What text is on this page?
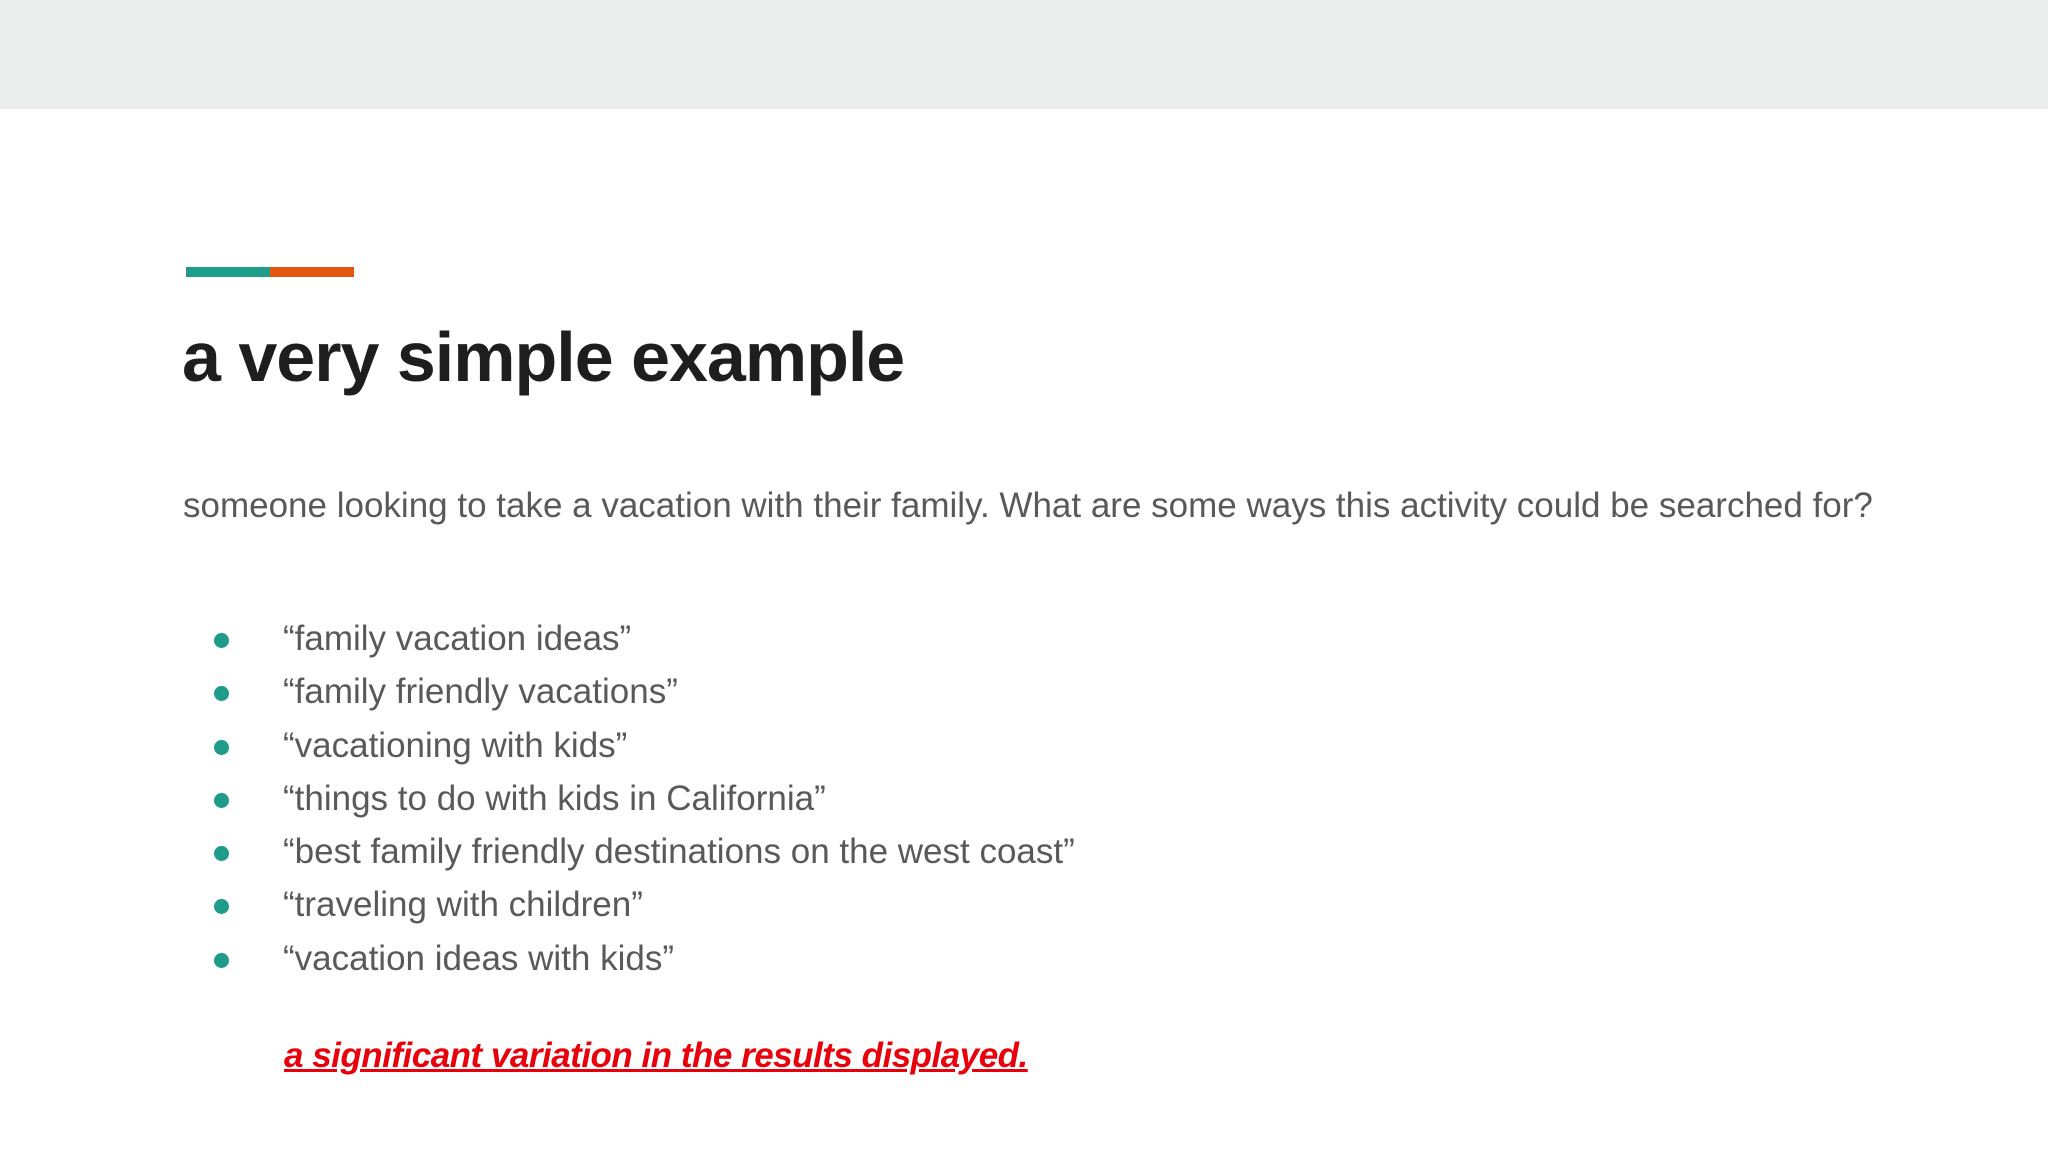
a very simple example

someone looking to take a vacation with their family. What are some ways this activity could be searched for?

“family vacation ideas”
“family friendly vacations”
“vacationing with kids”
“things to do with kids in California”
“best family friendly destinations on the west coast”
“traveling with children”
“vacation ideas with kids”

a significant variation in the results displayed.
